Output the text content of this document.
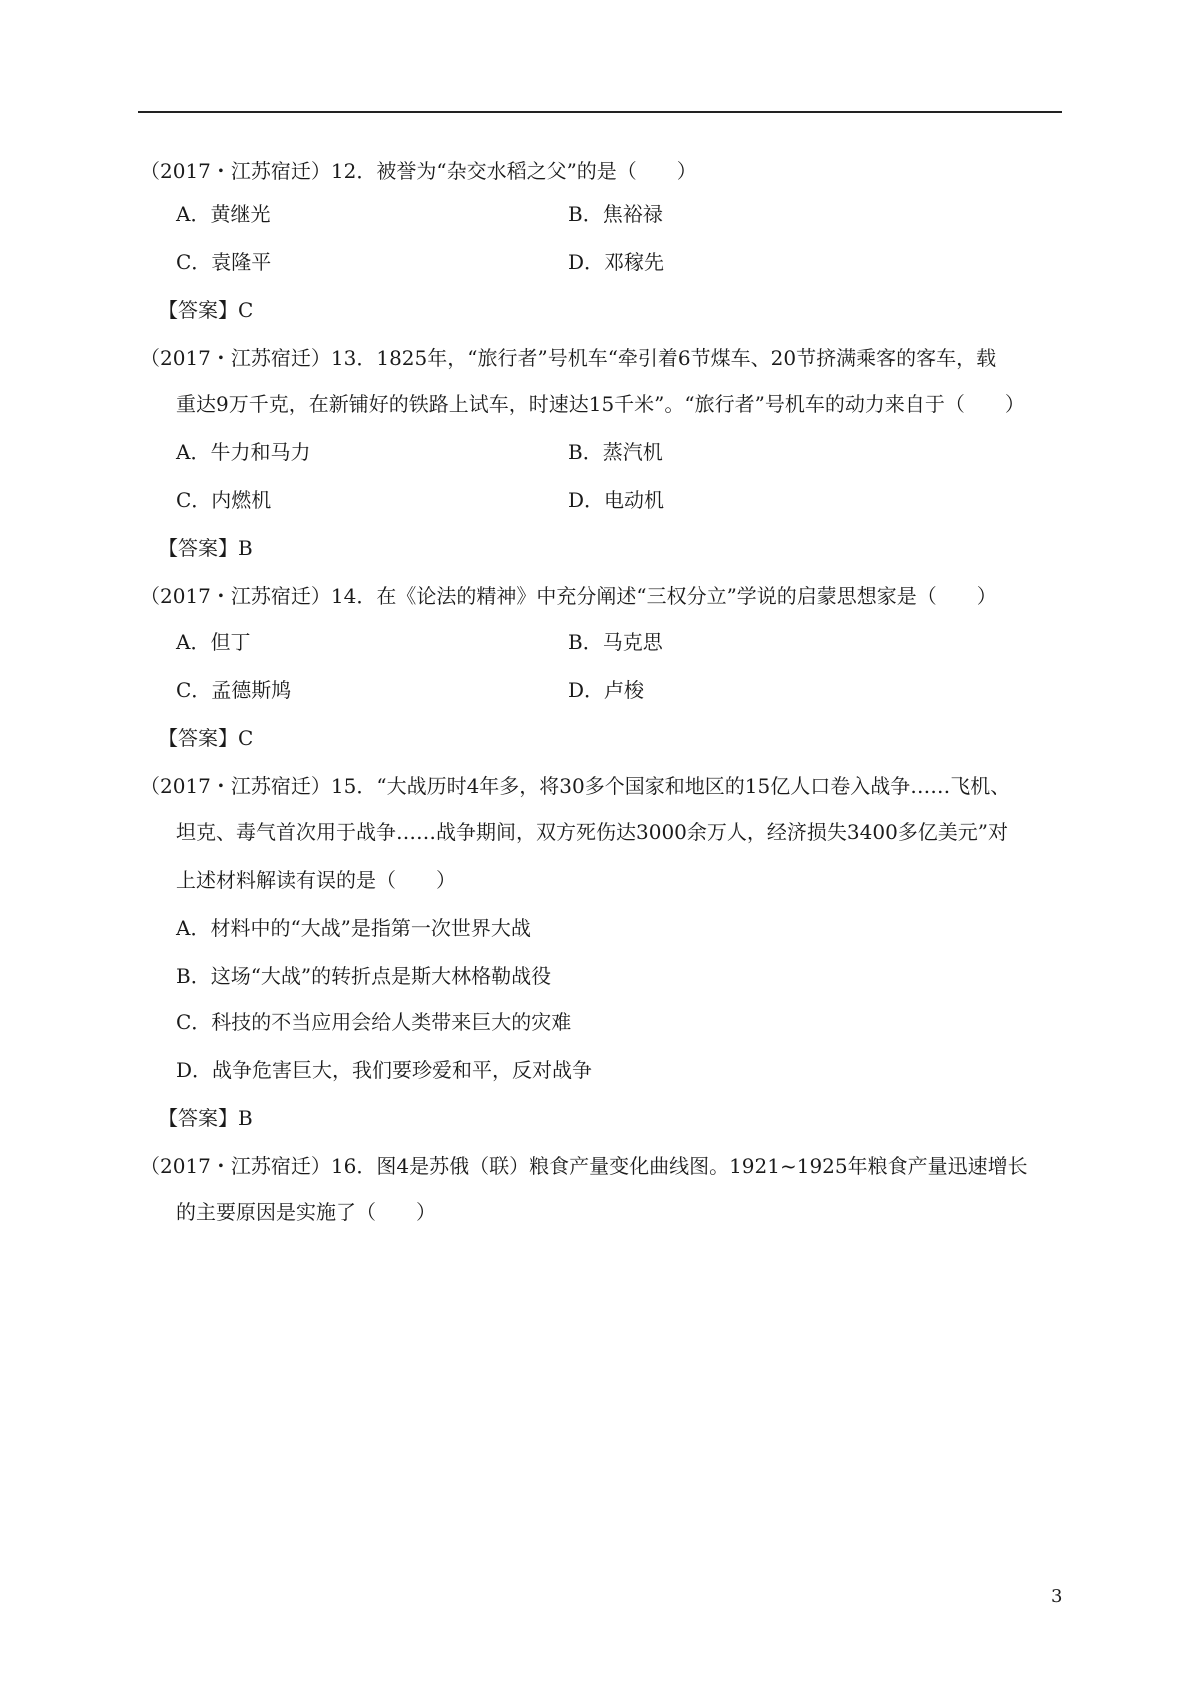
（2017・江苏宿迁）12．被誉为“杂交水稻之父”的是（　　）
A．黄继光	B．焦裕禄
C．袁隆平	D．邓稼先
【答案】C
（2017・江苏宿迁）13．1825年，“旅行者”号机车“牵引着6节煤车、20节挤满乘客的客车，载
重达9万千克，在新铺好的铁路上试车，时速达15千米”。“旅行者”号机车的动力来自于（　　）
A．牛力和马力	B．蒸汽机
C．内燃机	D．电动机
【答案】B
（2017・江苏宿迁）14．在《论法的精神》中充分阐述“三权分立”学说的启蒙思想家是（　　）
A．但丁	B．马克思
C．孟德斯鸠	D．卢梭
【答案】C
（2017・江苏宿迁）15．“大战历时4年多，将30多个国家和地区的15亿人口卷入战争……飞机、
坦克、毒气首次用于战争……战争期间，双方死伤达3000余万人，经济损失3400多亿美元”对
上述材料解读有误的是（　　）
A．材料中的“大战”是指第一次世界大战
B．这场“大战”的转折点是斯大林格勒战役
C．科技的不当应用会给人类带来巨大的灾难
D．战争危害巨大，我们要珍爱和平，反对战争
【答案】B
（2017・江苏宿迁）16．图4是苏俄（联）粮食产量变化曲线图。1921~1925年粮食产量迅速增长
的主要原因是实施了（　　）
3
